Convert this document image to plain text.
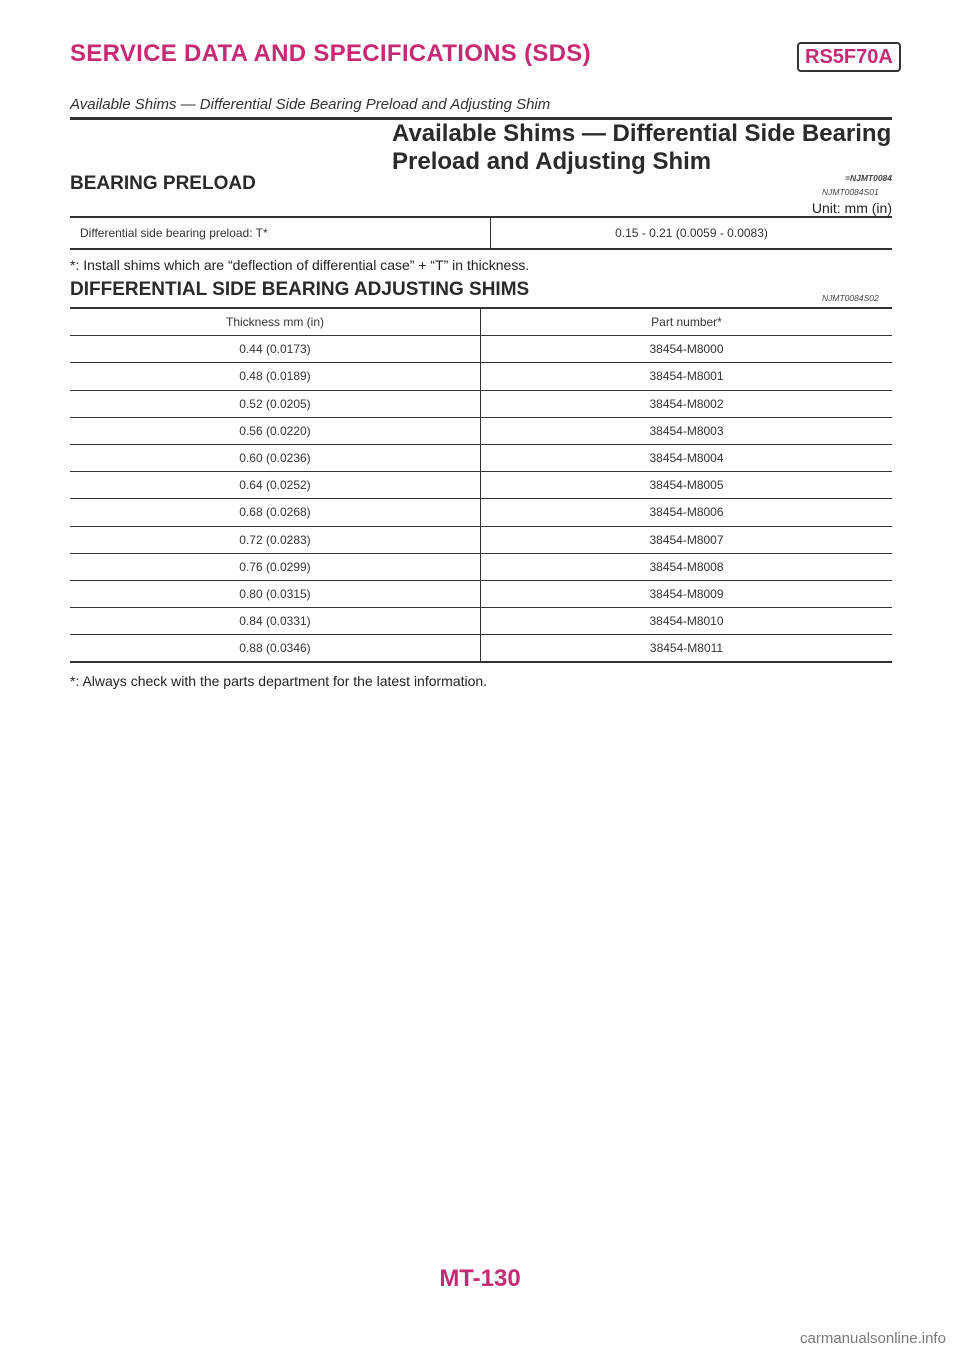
SERVICE DATA AND SPECIFICATIONS (SDS)	RS5F70A
Available Shims — Differential Side Bearing Preload and Adjusting Shim
Available Shims — Differential Side Bearing
Preload and Adjusting Shim
=NJMT0084
BEARING PRELOAD	NJMT0084S01
Unit: mm (in)
Differential side bearing preload: T*	0.15 - 0.21 (0.0059 - 0.0083)
*: Install shims which are “deflection of differential case” + “T” in thickness.
DIFFERENTIAL SIDE BEARING ADJUSTING SHIMS	NJMT0084S02
Thickness mm (in)	Part number*
0.44 (0.0173)	38454-M8000
0.48 (0.0189)	38454-M8001
0.52 (0.0205)	38454-M8002
0.56 (0.0220)	38454-M8003
0.60 (0.0236)	38454-M8004
0.64 (0.0252)	38454-M8005
0.68 (0.0268)	38454-M8006
0.72 (0.0283)	38454-M8007
0.76 (0.0299)	38454-M8008
0.80 (0.0315)	38454-M8009
0.84 (0.0331)	38454-M8010
0.88 (0.0346)	38454-M8011
*: Always check with the parts department for the latest information.
MT-130
carmanualsonline.info
